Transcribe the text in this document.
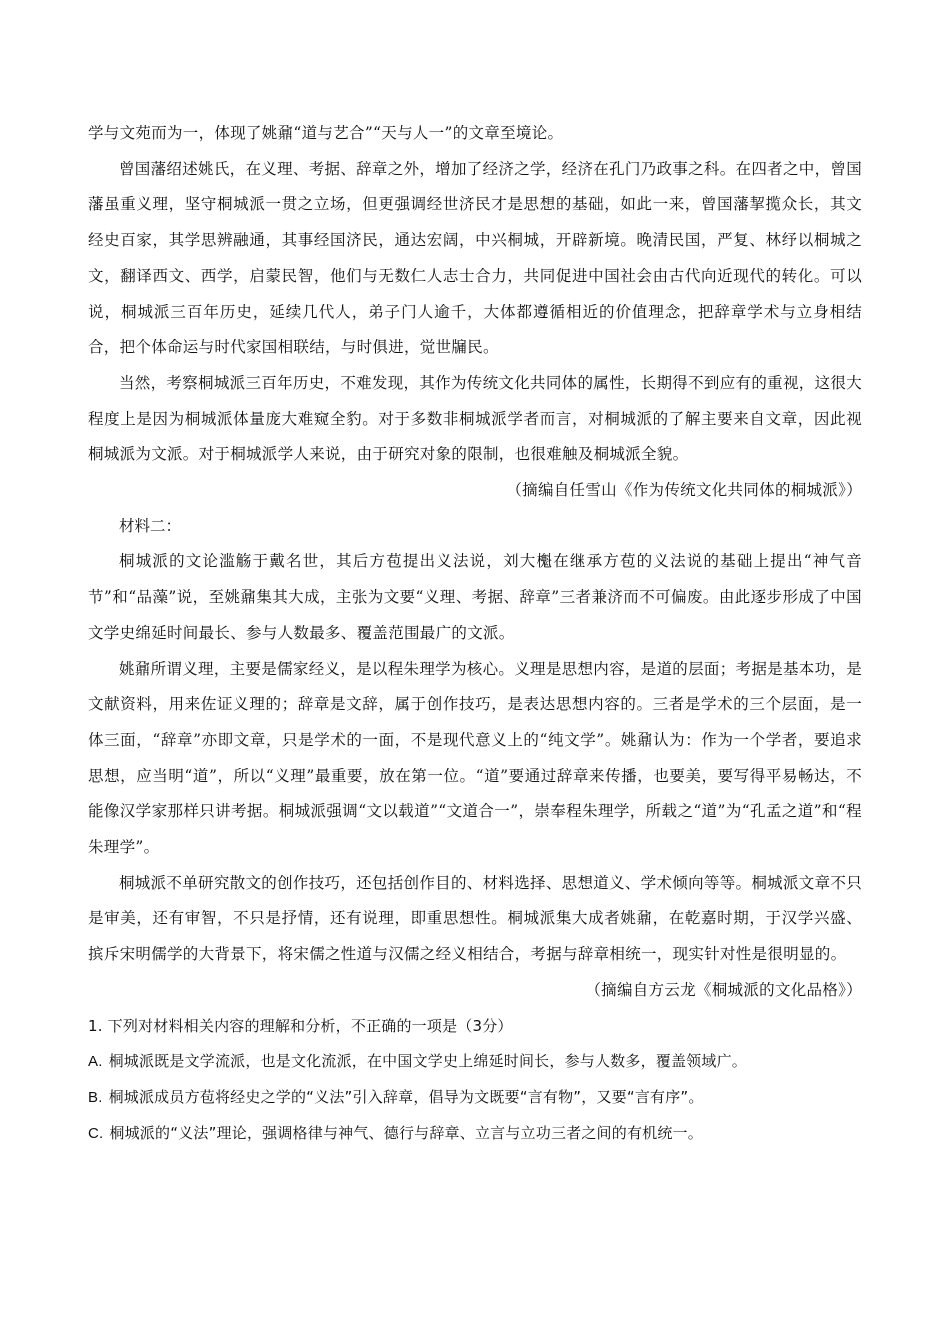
学与文苑而为一，体现了姚鼐“道与艺合”“天与人一”的文章至境论。

曾国藩绍述姚氏，在义理、考据、辞章之外，增加了经济之学，经济在孔门乃政事之科。在四者之中，曾国藩虽重义理，坚守桐城派一贯之立场，但更强调经世济民才是思想的基础，如此一来，曾国藩挈揽众长，其文经史百家，其学思辨融通，其事经国济民，通达宏阔，中兴桐城，开辟新境。晚清民国，严复、林纾以桐城之文，翻译西文、西学，启蒙民智，他们与无数仁人志士合力，共同促进中国社会由古代向近现代的转化。可以说，桐城派三百年历史，延续几代人，弟子门人逾千，大体都遵循相近的价值理念，把辞章学术与立身相结合，把个体命运与时代家国相联结，与时俱进，觉世牖民。

当然，考察桐城派三百年历史，不难发现，其作为传统文化共同体的属性，长期得不到应有的重视，这很大程度上是因为桐城派体量庞大难窥全豹。对于多数非桐城派学者而言，对桐城派的了解主要来自文章，因此视桐城派为文派。对于桐城派学人来说，由于研究对象的限制，也很难触及桐城派全貌。

（摘编自任雪山《作为传统文化共同体的桐城派》）

材料二：

桐城派的文论滥觞于戴名世，其后方苞提出义法说，刘大櫆在继承方苞的义法说的基础上提出“神气音节”和“品藻”说，至姚鼐集其大成，主张为文要“义理、考据、辞章”三者兼济而不可偏废。由此逐步形成了中国文学史绵延时间最长、参与人数最多、覆盖范围最广的文派。

姚鼐所谓义理，主要是儒家经义，是以程朱理学为核心。义理是思想内容，是道的层面；考据是基本功，是文献资料，用来佐证义理的；辞章是文辞，属于创作技巧，是表达思想内容的。三者是学术的三个层面，是一体三面，“辞章”亦即文章，只是学术的一面，不是现代意义上的“纯文学”。姚鼐认为：作为一个学者，要追求思想，应当明“道”，所以“义理”最重要，放在第一位。“道”要通过辞章来传播，也要美，要写得平易畅达，不能像汉学家那样只讲考据。桐城派强调“文以载道”“文道合一”，崇奉程朱理学，所载之“道”为“孔孟之道”和“程朱理学”。

桐城派不单研究散文的创作技巧，还包括创作目的、材料选择、思想道义、学术倾向等等。桐城派文章不只是审美，还有审智，不只是抒情，还有说理，即重思想性。桐城派集大成者姚鼐，在乾嘉时期，于汉学兴盛、摈斥宋明儒学的大背景下，将宋儒之性道与汉儒之经义相结合，考据与辞章相统一，现实针对性是很明显的。

（摘编自方云龙《桐城派的文化品格》）

1. 下列对材料相关内容的理解和分析，不正确的一项是（3分）

A. 桐城派既是文学流派，也是文化流派，在中国文学史上绵延时间长，参与人数多，覆盖领域广。

B. 桐城派成员方苞将经史之学的“义法”引入辞章，倡导为文既要“言有物”，又要“言有序”。

C. 桐城派的“义法”理论，强调格律与神气、德行与辞章、立言与立功三者之间的有机统一。
